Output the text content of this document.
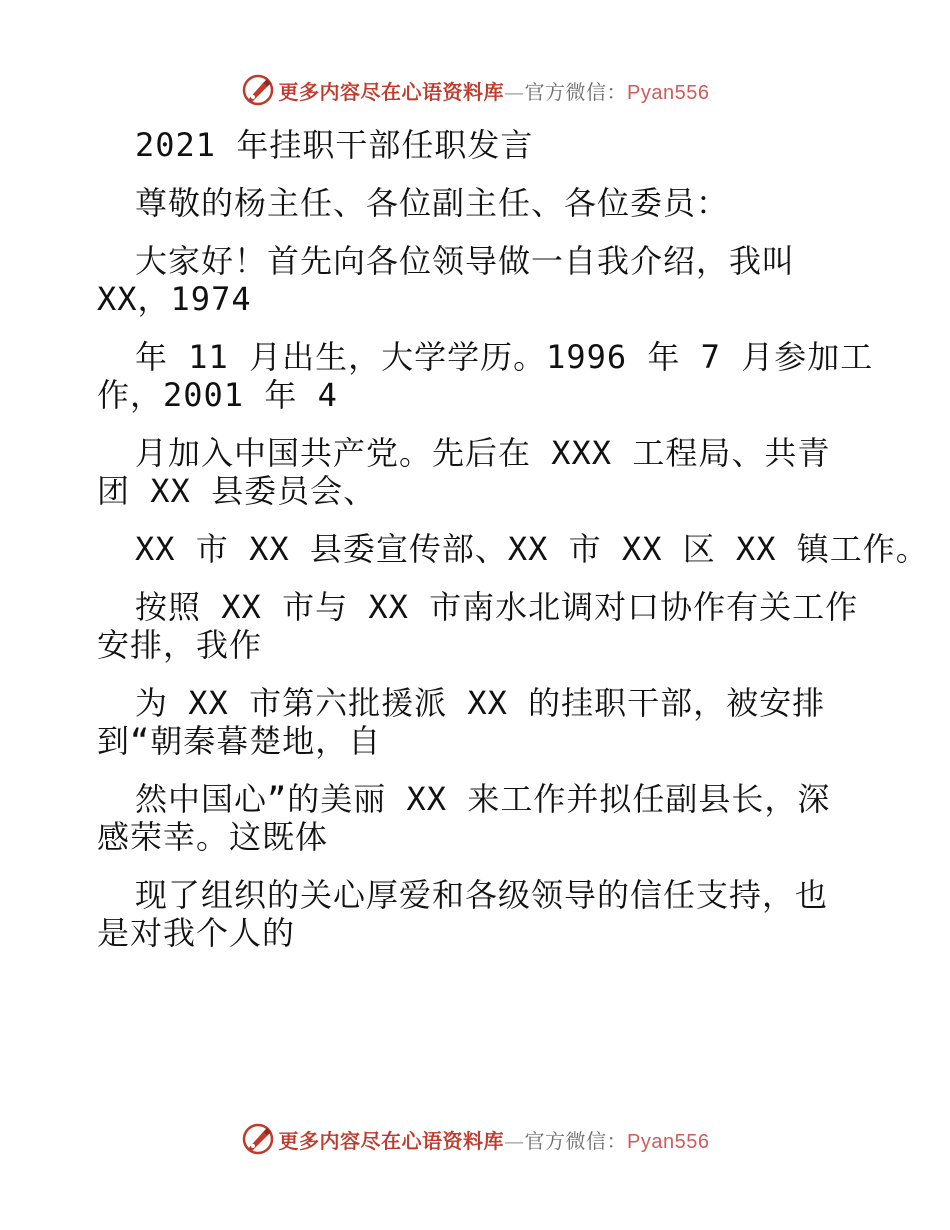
更多内容尽在心语资料库—官方微信：Pyan556
2021 年挂职干部任职发言
尊敬的杨主任、各位副主任、各位委员：
大家好！首先向各位领导做一自我介绍，我叫
XX，1974
年 11 月出生，大学学历。1996 年 7 月参加工
作，2001 年 4
月加入中国共产党。先后在 XXX 工程局、共青
团 XX 县委员会、
XX 市 XX 县委宣传部、XX 市 XX 区 XX 镇工作。
按照 XX 市与 XX 市南水北调对口协作有关工作
安排，我作
为 XX 市第六批援派 XX 的挂职干部，被安排
到“朝秦暮楚地，自
然中国心”的美丽 XX 来工作并拟任副县长，深
感荣幸。这既体
现了组织的关心厚爱和各级领导的信任支持，也
是对我个人的
更多内容尽在心语资料库—官方微信：Pyan556
